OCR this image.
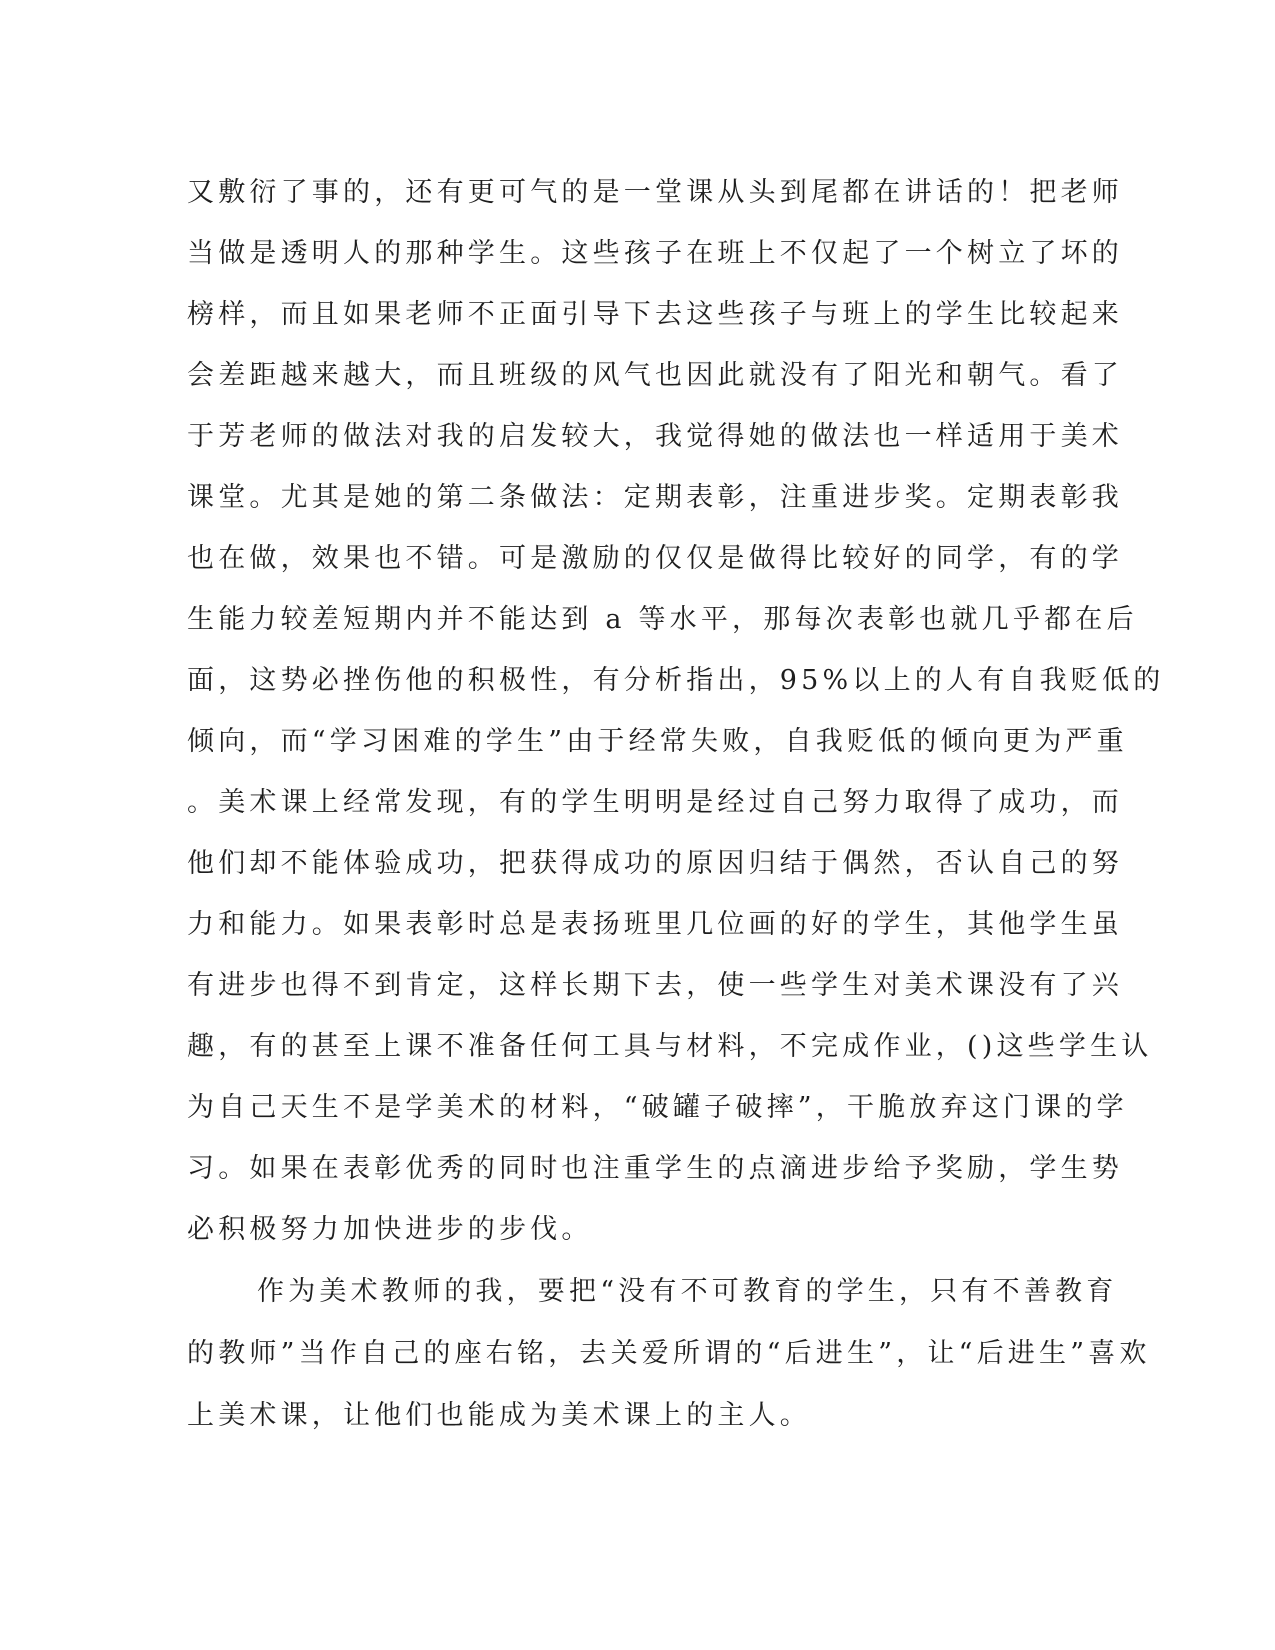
又敷衍了事的，还有更可气的是一堂课从头到尾都在讲话的！把老师
当做是透明人的那种学生。这些孩子在班上不仅起了一个树立了坏的
榜样，而且如果老师不正面引导下去这些孩子与班上的学生比较起来
会差距越来越大，而且班级的风气也因此就没有了阳光和朝气。看了
于芳老师的做法对我的启发较大，我觉得她的做法也一样适用于美术
课堂。尤其是她的第二条做法：定期表彰，注重进步奖。定期表彰我
也在做，效果也不错。可是激励的仅仅是做得比较好的同学，有的学
生能力较差短期内并不能达到 a 等水平，那每次表彰也就几乎都在后
面，这势必挫伤他的积极性，有分析指出，95%以上的人有自我贬低的
倾向，而“学习困难的学生”由于经常失败，自我贬低的倾向更为严重
。美术课上经常发现，有的学生明明是经过自己努力取得了成功，而
他们却不能体验成功，把获得成功的原因归结于偶然，否认自己的努
力和能力。如果表彰时总是表扬班里几位画的好的学生，其他学生虽
有进步也得不到肯定，这样长期下去，使一些学生对美术课没有了兴
趣，有的甚至上课不准备任何工具与材料，不完成作业，()这些学生认
为自己天生不是学美术的材料，“破罐子破摔”，干脆放弃这门课的学
习。如果在表彰优秀的同时也注重学生的点滴进步给予奖励，学生势
必积极努力加快进步的步伐。
作为美术教师的我，要把“没有不可教育的学生，只有不善教育
的教师”当作自己的座右铭，去关爱所谓的“后进生”，让“后进生”喜欢
上美术课，让他们也能成为美术课上的主人。
